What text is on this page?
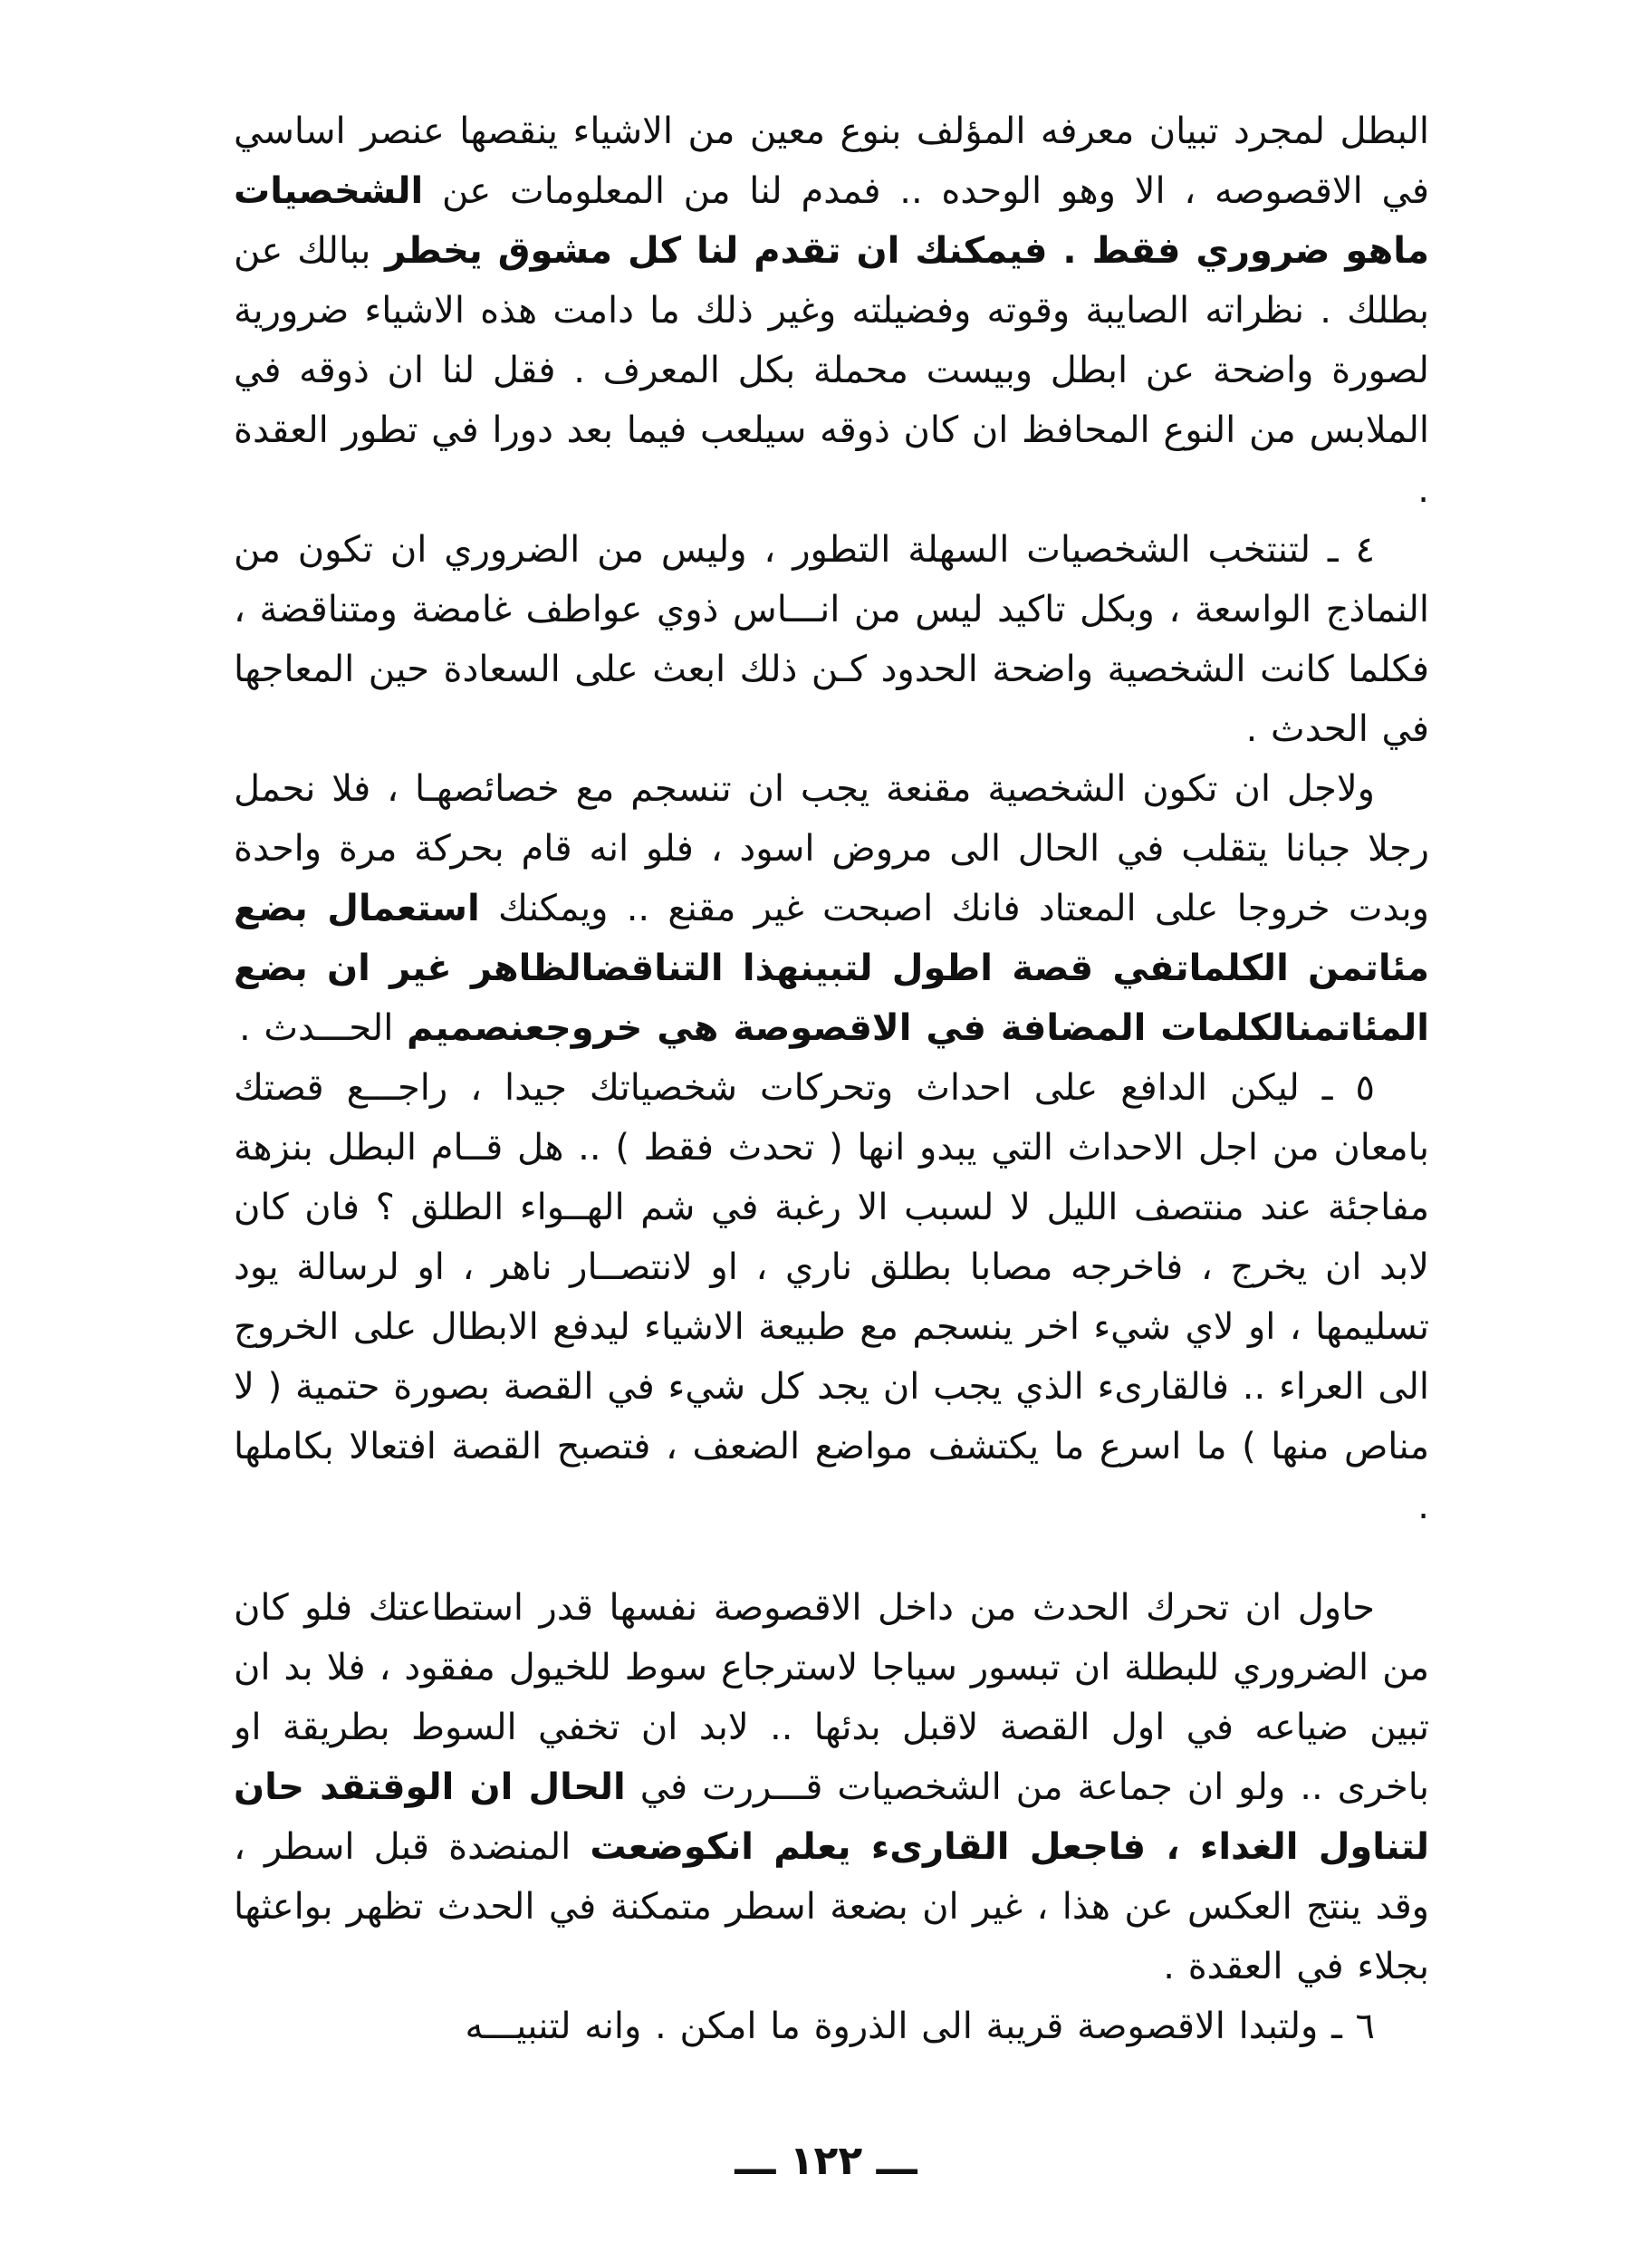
البطل لمجرد تبيان معرفه المؤلف بنوع معين من الاشياء ينقصها عنصر اساسي في الاقصوصه ، الا وهو الوحده .. فمدم لنا من المعلومات عن الشخصيات ماهو ضروري فقط . فيمكنك ان تقدم لنا كل مشوق يخطر ببالك عن بطلك . نظراته الصايبة وقوته وفضيلته وغير ذلك ما دامت هذه الاشياء ضرورية لصورة واضحة عن ابطل وبيست محملة بكل المعرف . فقل لنا ان ذوقه في الملابس من النوع المحافظ ان كان ذوقه سيلعب فيما بعد دورا في تطور العقدة .

٤ ـ لتنتخب الشخصيات السهلة التطور ، وليس من الضروري ان تكون من النماذج الواسعة ، وبكل تاكيد ليس من انـــاس ذوي عواطف غامضة ومتناقضة ، فكلما كانت الشخصية واضحة الحدود كـن ذلك ابعث على السعادة حين المعاجها في الحدث .

ولاجل ان تكون الشخصية مقنعة يجب ان تنسجم مع خصائصهـا ، فلا نحمل رجلا جبانا يتقلب في الحال الى مروض اسود ، فلو انه قام بحركة مرة واحدة وبدت خروجا على المعتاد فانك اصبحت غير مقنع .. ويمكنك استعمال بضع مئاتمن الكلماتفي قصة اطول لتبينهذا التناقضالظاهر غير ان بضع المئاتمنالكلمات المضافة في الاقصوصة هي خروجعنصميم الحـــدث .

٥ ـ ليكن الدافع على احداث وتحركات شخصياتك جيدا ، راجـــع قصتك بامعان من اجل الاحداث التي يبدو انها ( تحدث فقط ) .. هل قــام البطل بنزهة مفاجئة عند منتصف الليل لا لسبب الا رغبة في شم الهــواء الطلق ؟ فان كان لابد ان يخرج ، فاخرجه مصابا بطلق ناري ، او لانتصــار ناهر ، او لرسالة يود تسليمها ، او لاي شيء اخر ينسجم مع طبيعة الاشياء ليدفع الابطال على الخروج الى العراء .. فالقارىء الذي يجب ان يجد كل شيء في القصة بصورة حتمية ( لا مناص منها ) ما اسرع ما يكتشف مواضع الضعف ، فتصبح القصة افتعالا بكاملها .

حاول ان تحرك الحدث من داخل الاقصوصة نفسها قدر استطاعتك فلو كان من الضروري للبطلة ان تبسور سياجا لاسترجاع سوط للخيول مفقود ، فلا بد ان تبين ضياعه في اول القصة لاقبل بدئها .. لابد ان تخفي السوط بطريقة او باخرى .. ولو ان جماعة من الشخصيات قـــررت في الحال ان الوقتقد حان لتناول الغداء ، فاجعل القارىء يعلم انكوضعت المنضدة قبل اسطر ، وقد ينتج العكس عن هذا ، غير ان بضعة اسطر متمكنة في الحدث تظهر بواعثها بجلاء في العقدة .

٦ ـ ولتبدا الاقصوصة قريبة الى الذروة ما امكن . وانه لتنبيـــه

ـــ ١٢٢ ـــ
